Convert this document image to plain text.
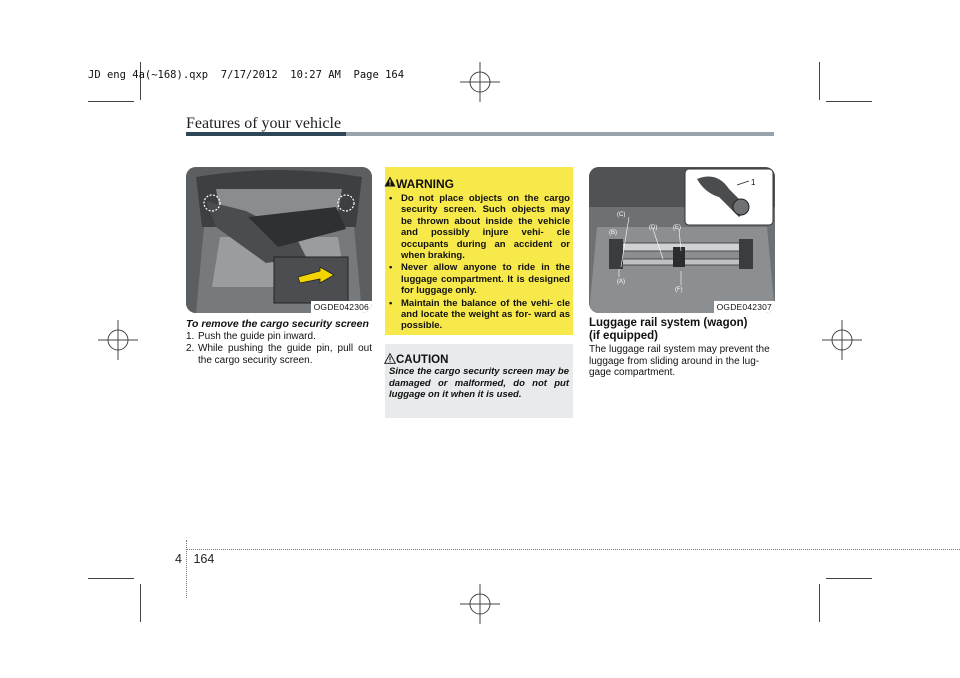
JD eng 4a(~168).qxp  7/17/2012  10:27 AM  Page 164
Features of your vehicle
OGDE042306
To remove the cargo security screen
1. Push the guide pin inward.
2. While pushing the guide pin, pull out the cargo security screen.
WARNING
• Do not place objects on the cargo security screen. Such objects may be thrown about inside the vehicle and possibly injure vehi- cle occupants during an accident or when braking.
• Never allow anyone to ride in the luggage compartment. It is designed for luggage only.
• Maintain the balance of the vehi- cle and locate the weight as for- ward as possible.
CAUTION
Since the cargo security screen may be damaged or malformed, do not put luggage on it when it is used.
(B)
(C)
(D)	(E)
(A)
(F)
1
OGDE042307
Luggage rail system (wagon)
(if equipped)
The luggage rail system may prevent the luggage from sliding around in the lug- gage compartment.
4 164
